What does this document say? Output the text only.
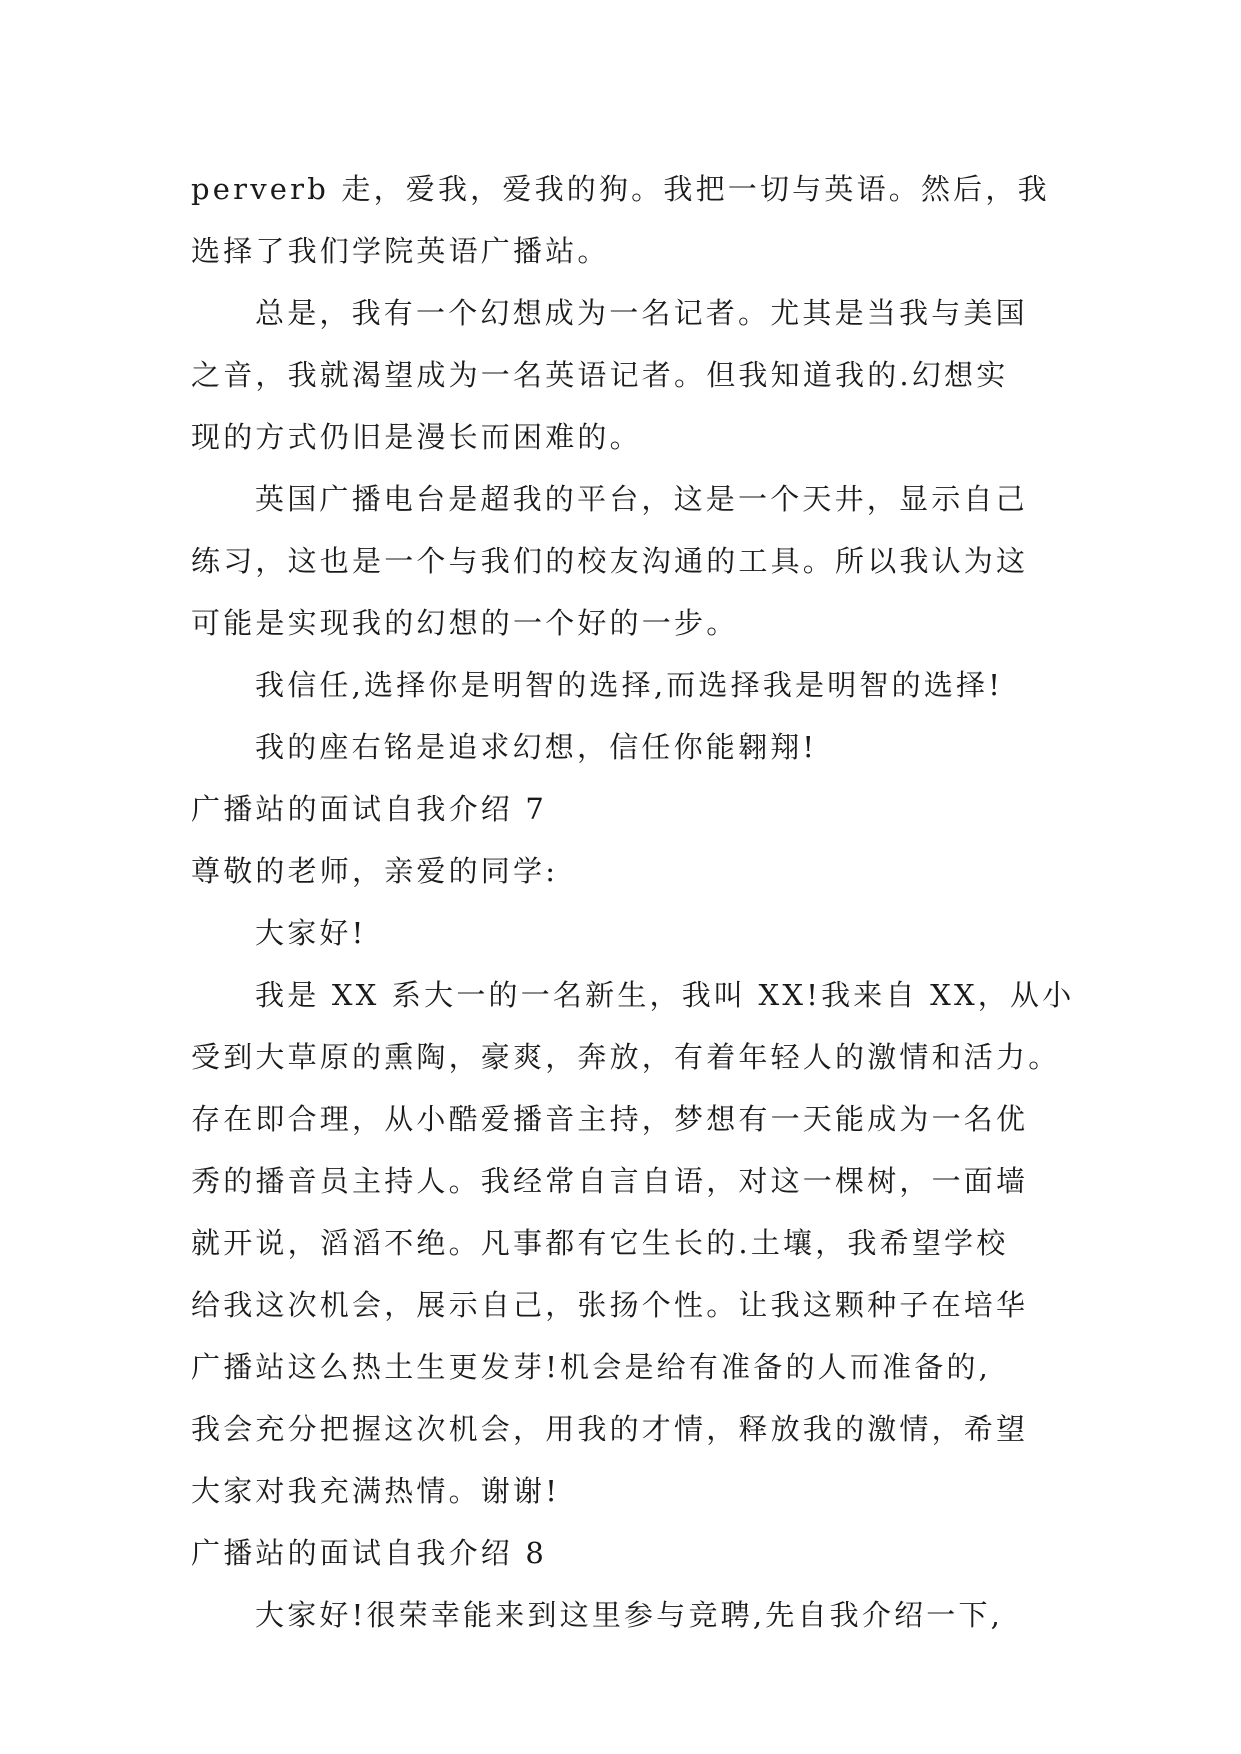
perverb 走，爱我，爱我的狗。我把一切与英语。然后，我
选择了我们学院英语广播站。
总是，我有一个幻想成为一名记者。尤其是当我与美国
之音，我就渴望成为一名英语记者。但我知道我的.幻想实
现的方式仍旧是漫长而困难的。
英国广播电台是超我的平台，这是一个天井，显示自己
练习，这也是一个与我们的校友沟通的工具。所以我认为这
可能是实现我的幻想的一个好的一步。
我信任,选择你是明智的选择,而选择我是明智的选择!
我的座右铭是追求幻想，信任你能翱翔!
广播站的面试自我介绍 7
尊敬的老师，亲爱的同学:
大家好!
我是 XX 系大一的一名新生，我叫 XX!我来自 XX，从小
受到大草原的熏陶，豪爽，奔放，有着年轻人的激情和活力。
存在即合理，从小酷爱播音主持，梦想有一天能成为一名优
秀的播音员主持人。我经常自言自语，对这一棵树，一面墙
就开说，滔滔不绝。凡事都有它生长的.土壤，我希望学校
给我这次机会，展示自己，张扬个性。让我这颗种子在培华
广播站这么热土生更发芽!机会是给有准备的人而准备的,
我会充分把握这次机会，用我的才情，释放我的激情，希望
大家对我充满热情。谢谢!
广播站的面试自我介绍 8
大家好!很荣幸能来到这里参与竞聘,先自我介绍一下,
